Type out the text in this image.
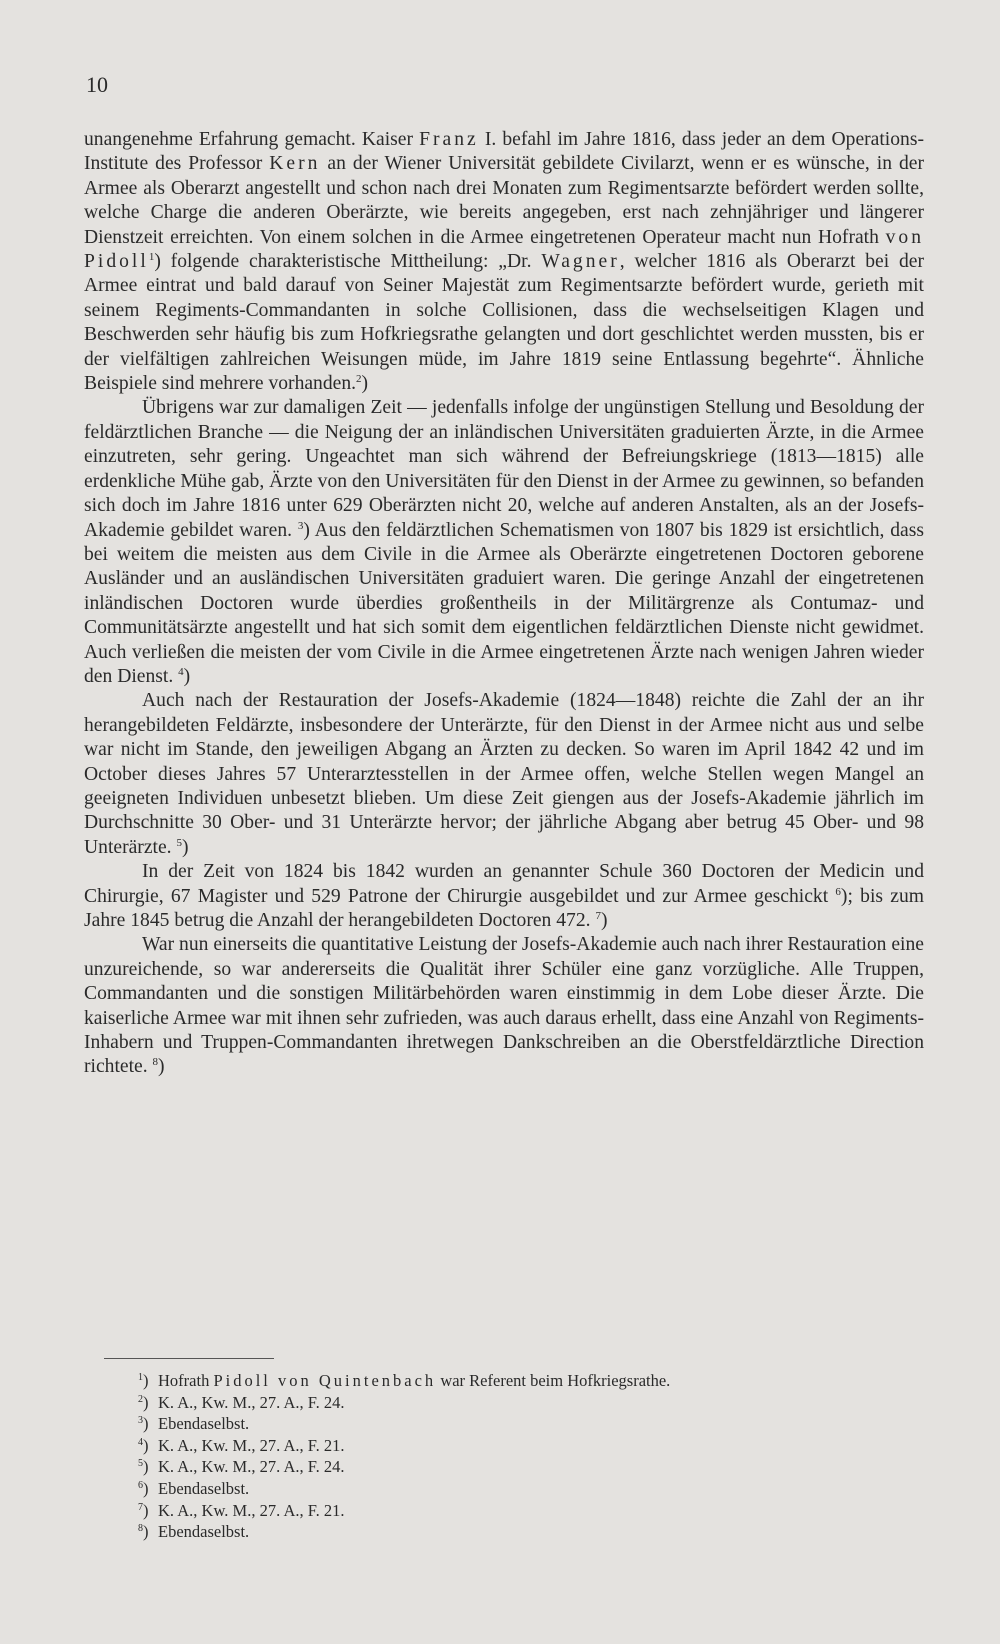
10

unangenehme Erfahrung gemacht. Kaiser Franz I. befahl im Jahre 1816, dass jeder an dem Operations-Institute des Professor Kern an der Wiener Universität gebildete Civilarzt, wenn er es wünsche, in der Armee als Oberarzt angestellt und schon nach drei Monaten zum Regimentsarzte befördert werden sollte, welche Charge die anderen Oberärzte, wie bereits angegeben, erst nach zehnjähriger und längerer Dienstzeit erreichten. Von einem solchen in die Armee eingetretenen Operateur macht nun Hofrath von Pidoll$^1$) folgende charakteristische Mittheilung: „Dr. Wagner, welcher 1816 als Oberarzt bei der Armee eintrat und bald darauf von Seiner Majestät zum Regimentsarzte befördert wurde, gerieth mit seinem Regiments-Commandanten in solche Collisionen, dass die wechselseitigen Klagen und Beschwerden sehr häufig bis zum Hofkriegsrathe gelangten und dort geschlichtet werden mussten, bis er der vielfältigen zahlreichen Weisungen müde, im Jahre 1819 seine Entlassung begehrte“. Ähnliche Beispiele sind mehrere vorhanden.$^2$)

Übrigens war zur damaligen Zeit — jedenfalls infolge der ungünstigen Stellung und Besoldung der feldärztlichen Branche — die Neigung der an inländischen Universitäten graduierten Ärzte, in die Armee einzutreten, sehr gering. Ungeachtet man sich während der Befreiungskriege (1813—1815) alle erdenkliche Mühe gab, Ärzte von den Universitäten für den Dienst in der Armee zu gewinnen, so befanden sich doch im Jahre 1816 unter 629 Oberärzten nicht 20, welche auf anderen Anstalten, als an der Josefs-Akademie gebildet waren. $^3$) Aus den feldärztlichen Schematismen von 1807 bis 1829 ist ersichtlich, dass bei weitem die meisten aus dem Civile in die Armee als Oberärzte eingetretenen Doctoren geborene Ausländer und an ausländischen Universitäten graduiert waren. Die geringe Anzahl der eingetretenen inländischen Doctoren wurde überdies großentheils in der Militärgrenze als Contumaz- und Communitätsärzte angestellt und hat sich somit dem eigentlichen feldärztlichen Dienste nicht gewidmet. Auch verließen die meisten der vom Civile in die Armee eingetretenen Ärzte nach wenigen Jahren wieder den Dienst. $^4$)

Auch nach der Restauration der Josefs-Akademie (1824—1848) reichte die Zahl der an ihr herangebildeten Feldärzte, insbesondere der Unterärzte, für den Dienst in der Armee nicht aus und selbe war nicht im Stande, den jeweiligen Abgang an Ärzten zu decken. So waren im April 1842 42 und im October dieses Jahres 57 Unterarztesstellen in der Armee offen, welche Stellen wegen Mangel an geeigneten Individuen unbesetzt blieben. Um diese Zeit giengen aus der Josefs-Akademie jährlich im Durchschnitte 30 Ober- und 31 Unterärzte hervor; der jährliche Abgang aber betrug 45 Ober- und 98 Unterärzte. $^5$)

In der Zeit von 1824 bis 1842 wurden an genannter Schule 360 Doctoren der Medicin und Chirurgie, 67 Magister und 529 Patrone der Chirurgie ausgebildet und zur Armee geschickt $^6$); bis zum Jahre 1845 betrug die Anzahl der herangebildeten Doctoren 472. $^7$)

War nun einerseits die quantitative Leistung der Josefs-Akademie auch nach ihrer Restauration eine unzureichende, so war andererseits die Qualität ihrer Schüler eine ganz vorzügliche. Alle Truppen, Commandanten und die sonstigen Militärbehörden waren einstimmig in dem Lobe dieser Ärzte. Die kaiserliche Armee war mit ihnen sehr zufrieden, was auch daraus erhellt, dass eine Anzahl von Regiments-Inhabern und Truppen-Commandanten ihretwegen Dankschreiben an die Oberstfeldärztliche Direction richtete. $^8$)

$^1$) Hofrath Pidoll von Quintenbach war Referent beim Hofkriegsrathe.
$^2$) K. A., Kw. M., 27. A., F. 24.
$^3$) Ebendaselbst.
$^4$) K. A., Kw. M., 27. A., F. 21.
$^5$) K. A., Kw. M., 27. A., F. 24.
$^6$) Ebendaselbst.
$^7$) K. A., Kw. M., 27. A., F. 21.
$^8$) Ebendaselbst.
